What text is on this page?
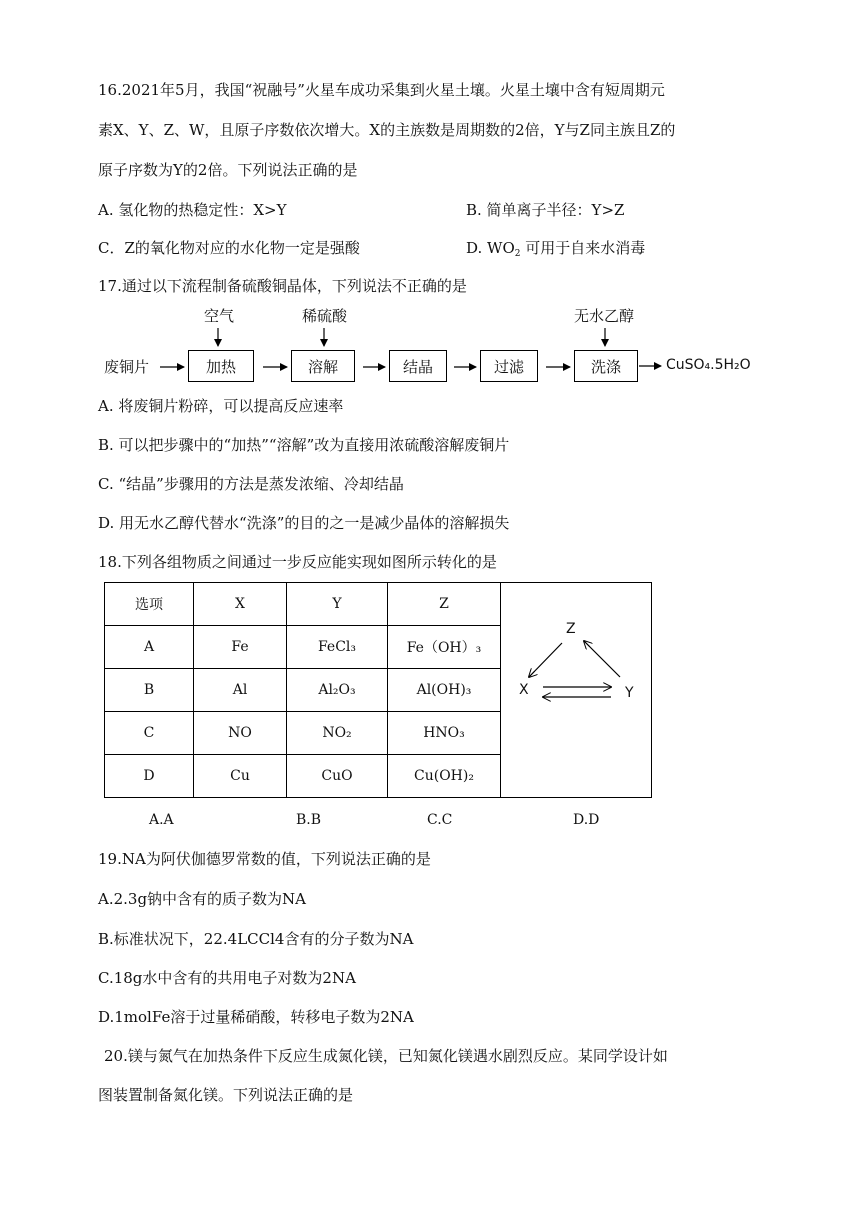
16.2021年5月，我国“祝融号”火星车成功采集到火星土壤。火星土壤中含有短周期元
素X、Y、Z、W，且原子序数依次增大。X的主族数是周期数的2倍，Y与Z同主族且Z的
原子序数为Y的2倍。下列说法正确的是
A. 氢化物的热稳定性：X>Y	B. 简单离子半径：Y>Z
C．Z的氧化物对应的水化物一定是强酸	D. $WO_2$ 可用于自来水消毒
17.通过以下流程制备硫酸铜晶体，下列说法不正确的是
废铜片	加热	溶解	结晶	过滤	洗涤
空气	稀硫酸	无水乙醇
CuSO₄.5H₂O
A. 将废铜片粉碎，可以提高反应速率
B. 可以把步骤中的“加热”“溶解”改为直接用浓硫酸溶解废铜片
C. “结晶”步骤用的方法是蒸发浓缩、冷却结晶
D. 用无水乙醇代替水“洗涤”的目的之一是减少晶体的溶解损失
18.下列各组物质之间通过一步反应能实现如图所示转化的是
选项	X	Y	Z	Z
X Y

A	Fe	FeCl₃	Fe（OH）₃	
B	Al	Al₂O₃	Al(OH)₃	
C	NO	NO₂	HNO₃	
D	Cu	CuO	Cu(OH)₂	
A.A	B.B	C.C	D.D
19.NA为阿伏伽德罗常数的值，下列说法正确的是
A.2.3g钠中含有的质子数为NA
B.标准状况下，22.4LCCl4含有的分子数为NA
C.18g水中含有的共用电子对数为2NA
D.1molFe溶于过量稀硝酸，转移电子数为2NA
20.镁与氮气在加热条件下反应生成氮化镁，已知氮化镁遇水剧烈反应。某同学设计如
图装置制备氮化镁。下列说法正确的是
